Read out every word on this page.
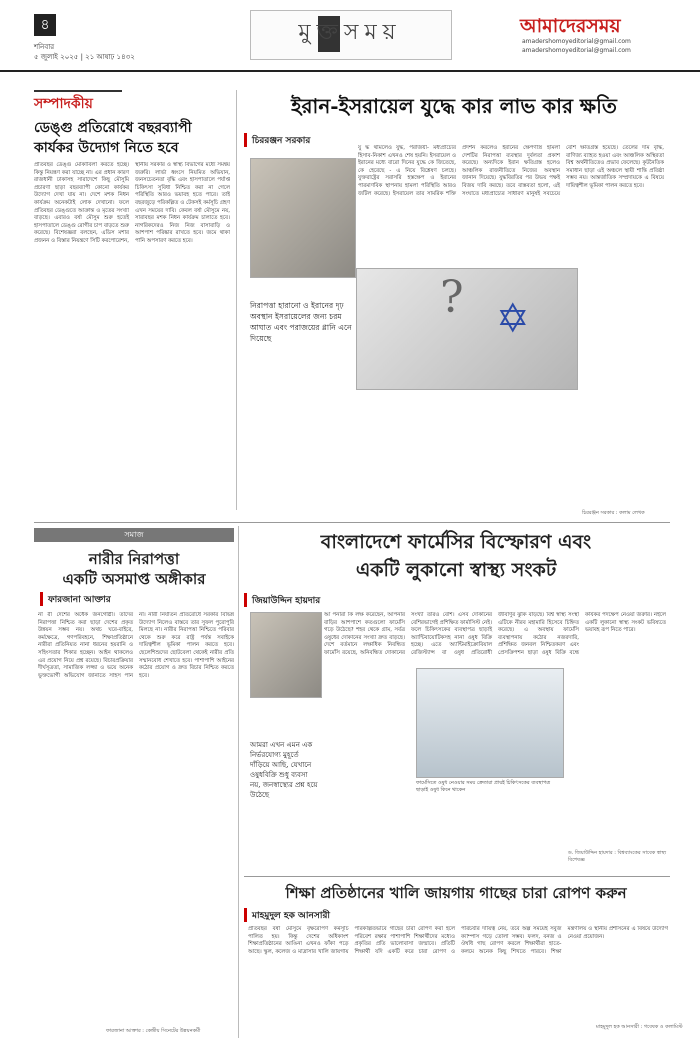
৪
শনিবার
৫ জুলাই ২০২৫ | ২১ আষাঢ় ১৪৩২
মুক্তসময়	আমাদেরসময়
amadershomoyeditorial@gmail.com
amadershomoyeditorial@gmail.com
সম্পাদকীয়
ডেঙ্গু প্রতিরোধে বছরব্যাপী কার্যকর উদ্যোগ নিতে হবে
প্রতিবছর ডেঙ্গু মোকাবিলা করতে হচ্ছে। কিন্তু নিয়ন্ত্রণ করা যাচ্ছে না। এর প্রধান কারণ রাজধানী ঢাকাসহ সারাদেশে কিছু মৌসুমি প্রচারণা ছাড়া বছরব্যাপী কোনো কার্যকর উদ্যোগ দেখা যায় না। দেশে মশক নিধন কার্যক্রম অনেকটাই লোক দেখানো। ফলে প্রতিবছর ডেঙ্গুতে আক্রান্ত ও মৃতের সংখ্যা বাড়ছে। এবারও বর্ষা মৌসুম শুরু হতেই হাসপাতালে ডেঙ্গু রোগীর চাপ বাড়তে শুরু করেছে। বিশেষজ্ঞরা বলছেন, এডিস মশার প্রজনন ও বিস্তার নিয়ন্ত্রণে সিটি করপোরেশন, স্থানীয় সরকার ও স্বাস্থ্য বিভাগের মধ্যে সমন্বয় জরুরি। লার্ভা ধ্বংসে নিয়মিত অভিযান, জনসচেতনতা বৃদ্ধি এবং হাসপাতালে পর্যাপ্ত চিকিৎসা সুবিধা নিশ্চিত করা না গেলে পরিস্থিতি আরও ভয়াবহ হতে পারে। তাই বছরজুড়ে পরিকল্পিত ও টেকসই কর্মসূচি গ্রহণ এখন সময়ের দাবি। কেবল বর্ষা মৌসুমে নয়, সারাবছর মশক নিধন কার্যক্রম চালাতে হবে। নাগরিকদেরও নিজ নিজ বাসাবাড়ি ও আশপাশ পরিষ্কার রাখতে হবে। জমে থাকা পানি অপসারণ করতে হবে।
ইরান-ইসরায়েল যুদ্ধে কার লাভ কার ক্ষতি
চিররঞ্জন সরকার
নিরাপত্তা হারানো ও ইরানের দৃঢ় অবস্থান ইসরায়েলের জন্য চরম আঘাত এবং পরাজয়ের গ্লানি এনে দিয়েছে	✡
?
যু দ্ধ থামলেও যুদ্ধ, পরাজয়ী- মধ্যপ্রাচ্যের হিসাব-নিকাশ এখনও শেষ হয়নি। ইসরায়েল ও ইরানের মধ্যে বারো দিনের যুদ্ধে কে জিতেছে, কে হেরেছে - এ নিয়ে বিশ্লেষণ চলছে। যুক্তরাষ্ট্রের সরাসরি হস্তক্ষেপ ও ইরানের পারমাণবিক স্থাপনায় হামলা পরিস্থিতি আরও জটিল করেছে। ইসরায়েল তার সামরিক শক্তি প্রদর্শন করলেও ইরানের ক্ষেপণাস্ত্র হামলা দেশটির নিরাপত্তা ব্যবস্থার দুর্বলতা প্রকাশ করেছে। অন্যদিকে ইরান ক্ষতিগ্রস্ত হলেও আঞ্চলিক রাজনীতিতে নিজের অবস্থান জানান দিয়েছে। যুদ্ধবিরতির পর উভয় পক্ষই বিজয় দাবি করছে। তবে বাস্তবতা হলো, এই সংঘাতে মধ্যপ্রাচ্যের সাধারণ মানুষই সবচেয়ে বেশি ক্ষতিগ্রস্ত হয়েছে। তেলের দাম বৃদ্ধি, বাণিজ্য ব্যাহত হওয়া এবং আঞ্চলিক অস্থিরতা বিশ্ব অর্থনীতিতেও প্রভাব ফেলেছে। কূটনৈতিক সমাধান ছাড়া এই অঞ্চলে স্থায়ী শান্তি প্রতিষ্ঠা সম্ভব নয়। আন্তর্জাতিক সম্প্রদায়কে এ বিষয়ে দায়িত্বশীল ভূমিকা পালন করতে হবে।
চিররঞ্জন সরকার : কলাম লেখক
সমাজ
নারীর নিরাপত্তা
একটি অসমাপ্ত অঙ্গীকার
ফারজানা আক্তার
না রী দেশের অর্ধেক জনগোষ্ঠী। তাদের নিরাপত্তা নিশ্চিত করা ছাড়া দেশের প্রকৃত উন্নয়ন সম্ভব নয়। অথচ ঘরে-বাইরে, কর্মক্ষেত্রে, গণপরিবহনে, শিক্ষাপ্রতিষ্ঠানে নারীরা প্রতিনিয়ত নানা ধরনের হয়রানি ও সহিংসতার শিকার হচ্ছেন। আইন থাকলেও এর প্রয়োগ নিয়ে প্রশ্ন রয়েছে। বিচারপ্রক্রিয়ার দীর্ঘসূত্রতা, সামাজিক লজ্জা ও ভয়ে অনেক ভুক্তভোগী অভিযোগ জানাতে সাহস পান না। নারী নির্যাতন প্রতিরোধে সরকার বিভিন্ন উদ্যোগ নিলেও বাস্তবে তার সুফল পুরোপুরি মিলছে না। নারীর নিরাপত্তা নিশ্চিতে পরিবার থেকে শুরু করে রাষ্ট্র পর্যন্ত সবাইকে দায়িত্বশীল ভূমিকা পালন করতে হবে। ছেলেশিশুদের ছোটবেলা থেকেই নারীর প্রতি সম্মানবোধ শেখাতে হবে। পাশাপাশি আইনের কঠোর প্রয়োগ ও দ্রুত বিচার নিশ্চিত করতে হবে।
ফারজানা আক্তার : কেন্দ্রীয় সিনেটের উন্নয়নকর্মী
বাংলাদেশে ফার্মেসির বিস্ফোরণ এবং
একটি লুকানো স্বাস্থ্য সংকট
জিয়াউদ্দিন হায়দার
আমরা এখন এমন এক নির্ভরযোগ্য মুহূর্তে দাঁড়িয়ে আছি, যেখানে ওষুধবিক্রি শুধু ব্যবসা নয়, জনস্বাস্থ্যের প্রশ্ন হয়ে উঠেছে
ফার্মেসিতে ওষুধ নেওয়ার সময় ক্রেতারা প্রায়ই চিকিৎসকের ব্যবস্থাপত্র ছাড়াই ওষুধ কিনে থাকেন
আ পনারা কি লক্ষ করেছেন, আপনার বাড়ির আশপাশে কতগুলো ফার্মেসি গড়ে উঠেছে? শহর থেকে গ্রাম, সর্বত্র ওষুধের দোকানের সংখ্যা দ্রুত বাড়ছে। দেশে বর্তমানে লক্ষাধিক নিবন্ধিত ফার্মেসি রয়েছে, অনিবন্ধিত দোকানের সংখ্যা তারও বেশি। এসব দোকানের বেশিরভাগেই প্রশিক্ষিত ফার্মাসিস্ট নেই। ফলে চিকিৎসকের ব্যবস্থাপত্র ছাড়াই অ্যান্টিবায়োটিকসহ নানা ওষুধ বিক্রি হচ্ছে। এতে অ্যান্টিমাইক্রোবিয়াল রেজিস্ট্যান্স বা ওষুধ প্রতিরোধী জীবাণুর ঝুঁকি বাড়ছে। বিশ্ব স্বাস্থ্য সংস্থা এটিকে নীরব মহামারি হিসেবে চিহ্নিত করেছে। এ অবস্থায় ফার্মেসি ব্যবস্থাপনায় কঠোর নজরদারি, প্রশিক্ষিত জনবল নিশ্চিতকরণ এবং প্রেসক্রিপশন ছাড়া ওষুধ বিক্রি বন্ধে কার্যকর পদক্ষেপ নেওয়া জরুরি। নইলে একটি লুকানো স্বাস্থ্য সংকট ভবিষ্যতে ভয়াবহ রূপ নিতে পারে।
ড. জিয়াউদ্দিন হায়দার : বিশ্বব্যাংকের সাবেক স্বাস্থ্য বিশেষজ্ঞ
শিক্ষা প্রতিষ্ঠানের খালি জায়গায় গাছের চারা রোপণ করুন
মাহমুদুল হক আনসারী
প্রতিবছর বর্ষা মৌসুমে বৃক্ষরোপণ কর্মসূচি পালিত হয়। কিন্তু দেশের অধিকাংশ শিক্ষাপ্রতিষ্ঠানের আঙিনা এখনও ফাঁকা পড়ে আছে। স্কুল, কলেজ ও মাদ্রাসার খালি জায়গায় পরিকল্পিতভাবে গাছের চারা রোপণ করা হলে পরিবেশ রক্ষার পাশাপাশি শিক্ষার্থীদের মধ্যেও প্রকৃতির প্রতি ভালোবাসা জন্মাবে। প্রতিটি শিক্ষার্থী যদি একটি করে চারা রোপণ ও পরিচর্যার দায়িত্ব নেয়, তবে অল্প সময়েই সবুজ ক্যাম্পাস গড়ে তোলা সম্ভব। ফলদ, বনজ ও ঔষধি গাছ রোপণ করলে শিক্ষার্থীরা হাতে-কলমে অনেক কিছু শিখতে পারবে। শিক্ষা মন্ত্রণালয় ও স্থানীয় প্রশাসনের এ বিষয়ে উদ্যোগ নেওয়া প্রয়োজন।
মাহমুদুল হক আনসারী : গবেষক ও কলামিস্ট
